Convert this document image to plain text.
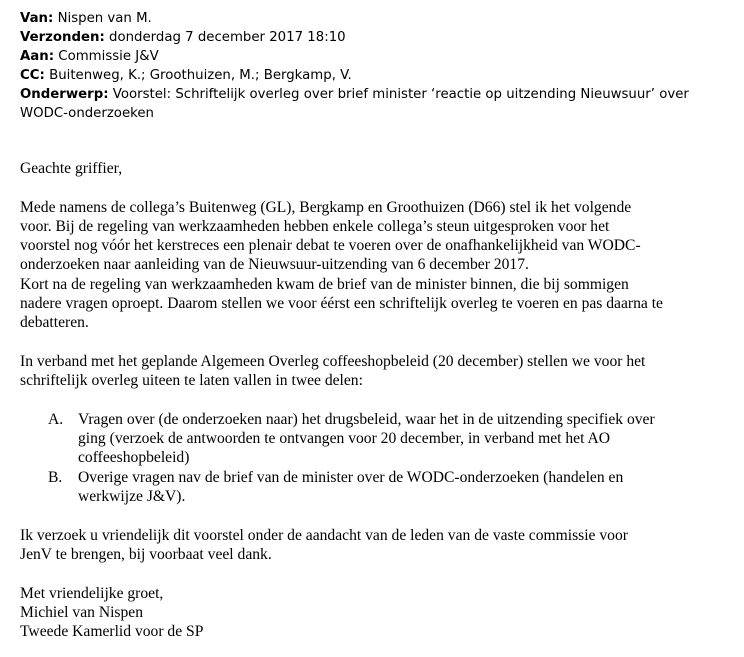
Van: Nispen van M.
Verzonden: donderdag 7 december 2017 18:10
Aan: Commissie J&V
CC: Buitenweg, K.; Groothuizen, M.; Bergkamp, V.
Onderwerp: Voorstel: Schriftelijk overleg over brief minister ‘reactie op uitzending Nieuwsuur’ over WODC-onderzoeken

Geachte griffier,

Mede namens de collega’s Buitenweg (GL), Bergkamp en Groothuizen (D66) stel ik het volgende
voor. Bij de regeling van werkzaamheden hebben enkele collega’s steun uitgesproken voor het
voorstel nog vóór het kerstreces een plenair debat te voeren over de onafhankelijkheid van WODC-
onderzoeken naar aanleiding van de Nieuwsuur-uitzending van 6 december 2017.
Kort na de regeling van werkzaamheden kwam de brief van de minister binnen, die bij sommigen
nadere vragen oproept. Daarom stellen we voor éérst een schriftelijk overleg te voeren en pas daarna te
debatteren.
In verband met het geplande Algemeen Overleg coffeeshopbeleid (20 december) stellen we voor het
schriftelijk overleg uiteen te laten vallen in twee delen:
A. Vragen over (de onderzoeken naar) het drugsbeleid, waar het in de uitzending specifiek over
ging (verzoek de antwoorden te ontvangen voor 20 december, in verband met het AO
coffeeshopbeleid)
B.	Overige vragen nav de brief van de minister over de WODC-onderzoeken (handelen en
werkwijze J&V).
Ik verzoek u vriendelijk dit voorstel onder de aandacht van de leden van de vaste commissie voor
JenV te brengen, bij voorbaat veel dank.
Met vriendelijke groet,
Michiel van Nispen
Tweede Kamerlid voor de SP
